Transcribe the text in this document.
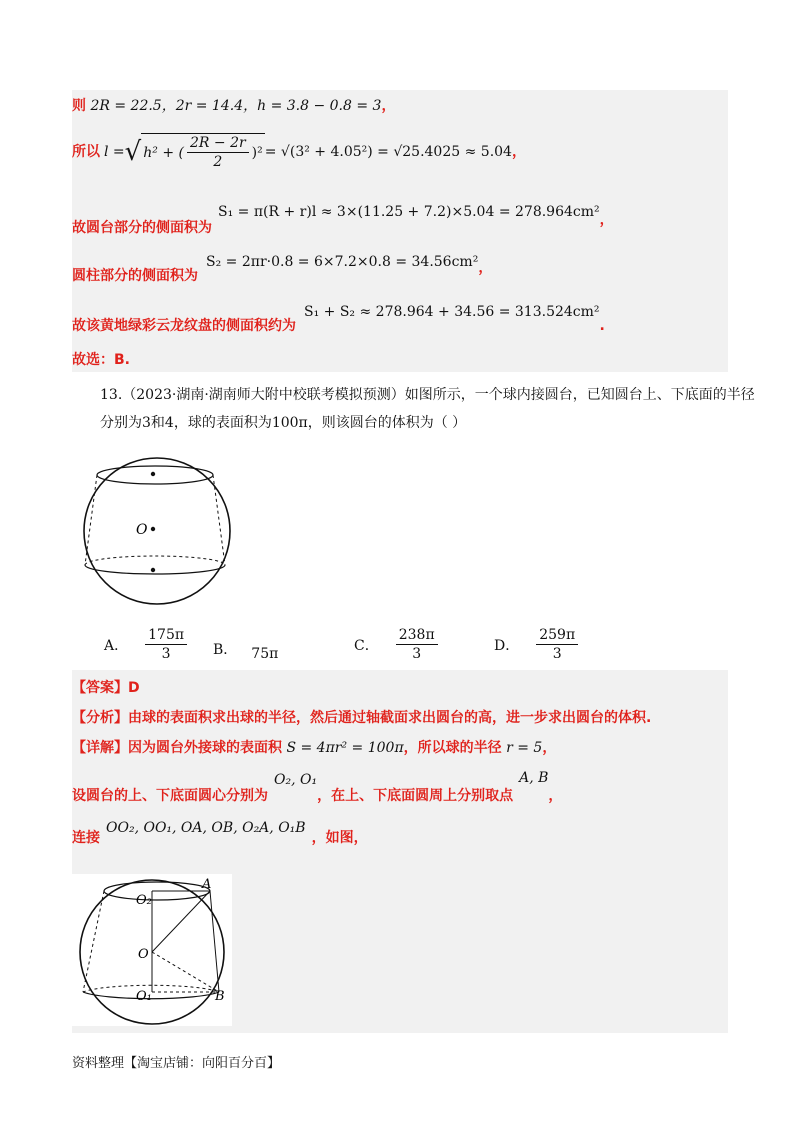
则 2R = 22.5，2r = 14.4，h = 3.8 − 0.8 = 3，
所以 l = √ h² + ( $\frac{2R - 2r}{2} )^2 = √(3^2 + 4.05^2) = √25.4025 \approx 5.04$ ，
故圆台部分的侧面积为
S₁ = π(R + r)l ≈ 3×(11.25 + 7.2)×5.04 = 278.964cm² ，
圆柱部分的侧面积为
S₂ = 2πr·0.8 = 6×7.2×0.8 = 34.56cm² ，
故该黄地绿彩云龙纹盘的侧面积约为
S₁ + S₂ ≈ 278.964 + 34.56 = 313.524cm²
.
故选：B.
13.（2023·湖南·湖南师大附中校联考模拟预测）如图所示，一个球内接圆台，已知圆台上、下底面的半径
分别为3和4，球的表面积为100π，则该圆台的体积为（ ）
O
A． $\frac{175\pi}{3}$ B． 75π
C． $\frac{238\pi}{3}$	D． $\frac{259\pi}{3}$
【答案】D
【分析】由球的表面积求出球的半径，然后通过轴截面求出圆台的高，进一步求出圆台的体积.
【详解】因为圆台外接球的表面积 S = 4πr² = 100π，所以球的半径 r = 5，
设圆台的上、下底面圆心分别为
O₂, O₁
，在上、下底面圆周上分别取点
A, B
，
连接
OO₂, OO₁, OA, OB, O₂A, O₁B
，如图，
O₂
A
O
O₁	B
资料整理【淘宝店铺：向阳百分百】
